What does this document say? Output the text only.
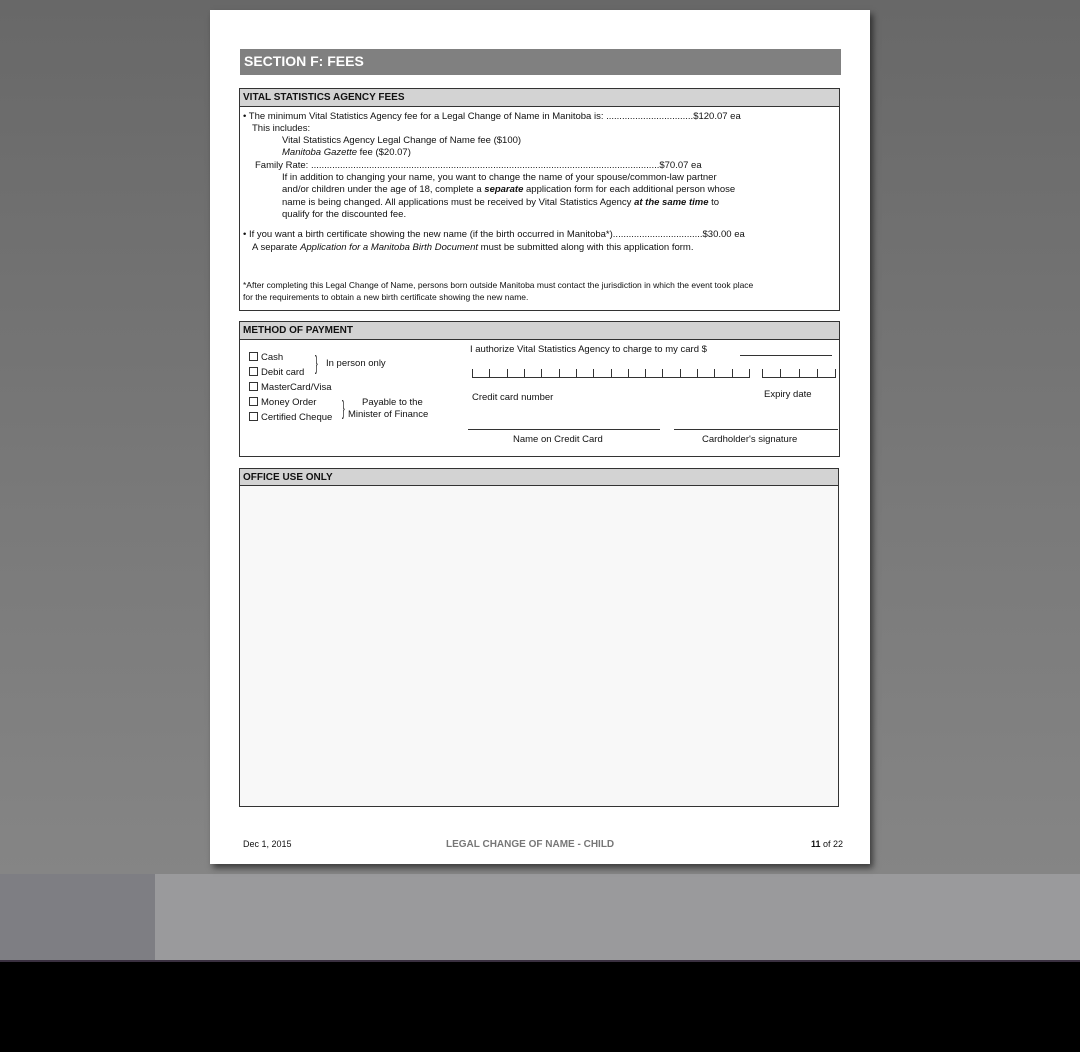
SECTION F: FEES
VITAL STATISTICS AGENCY FEES
• The minimum Vital Statistics Agency fee for a Legal Change of Name in Manitoba is: .................................$120.07 ea
This includes:
Vital Statistics Agency Legal Change of Name fee ($100)
Manitoba Gazette fee ($20.07)
Family Rate: ....................................................................................................................................$70.07 ea
If in addition to changing your name, you want to change the name of your spouse/common-law partner
and/or children under the age of 18, complete a separate application form for each additional person whose
name is being changed. All applications must be received by Vital Statistics Agency at the same time to
qualify for the discounted fee.
• If you want a birth certificate showing the new name (if the birth occurred in Manitoba*)..................................$30.00 ea
A separate Application for a Manitoba Birth Document must be submitted along with this application form.
*After completing this Legal Change of Name, persons born outside Manitoba must contact the jurisdiction in which the event took place
for the requirements to obtain a new birth certificate showing the new name.
METHOD OF PAYMENT
Cash
Debit card
MasterCard/Visa
Money Order
Certified Cheque
} In person only
} Payable to the
Minister of Finance
I authorize Vital Statistics Agency to charge to my card $
Credit card number	Expiry date
Name on Credit Card	Cardholder's signature
OFFICE USE ONLY
Dec 1, 2015	LEGAL CHANGE OF NAME - CHILD	11 of 22
